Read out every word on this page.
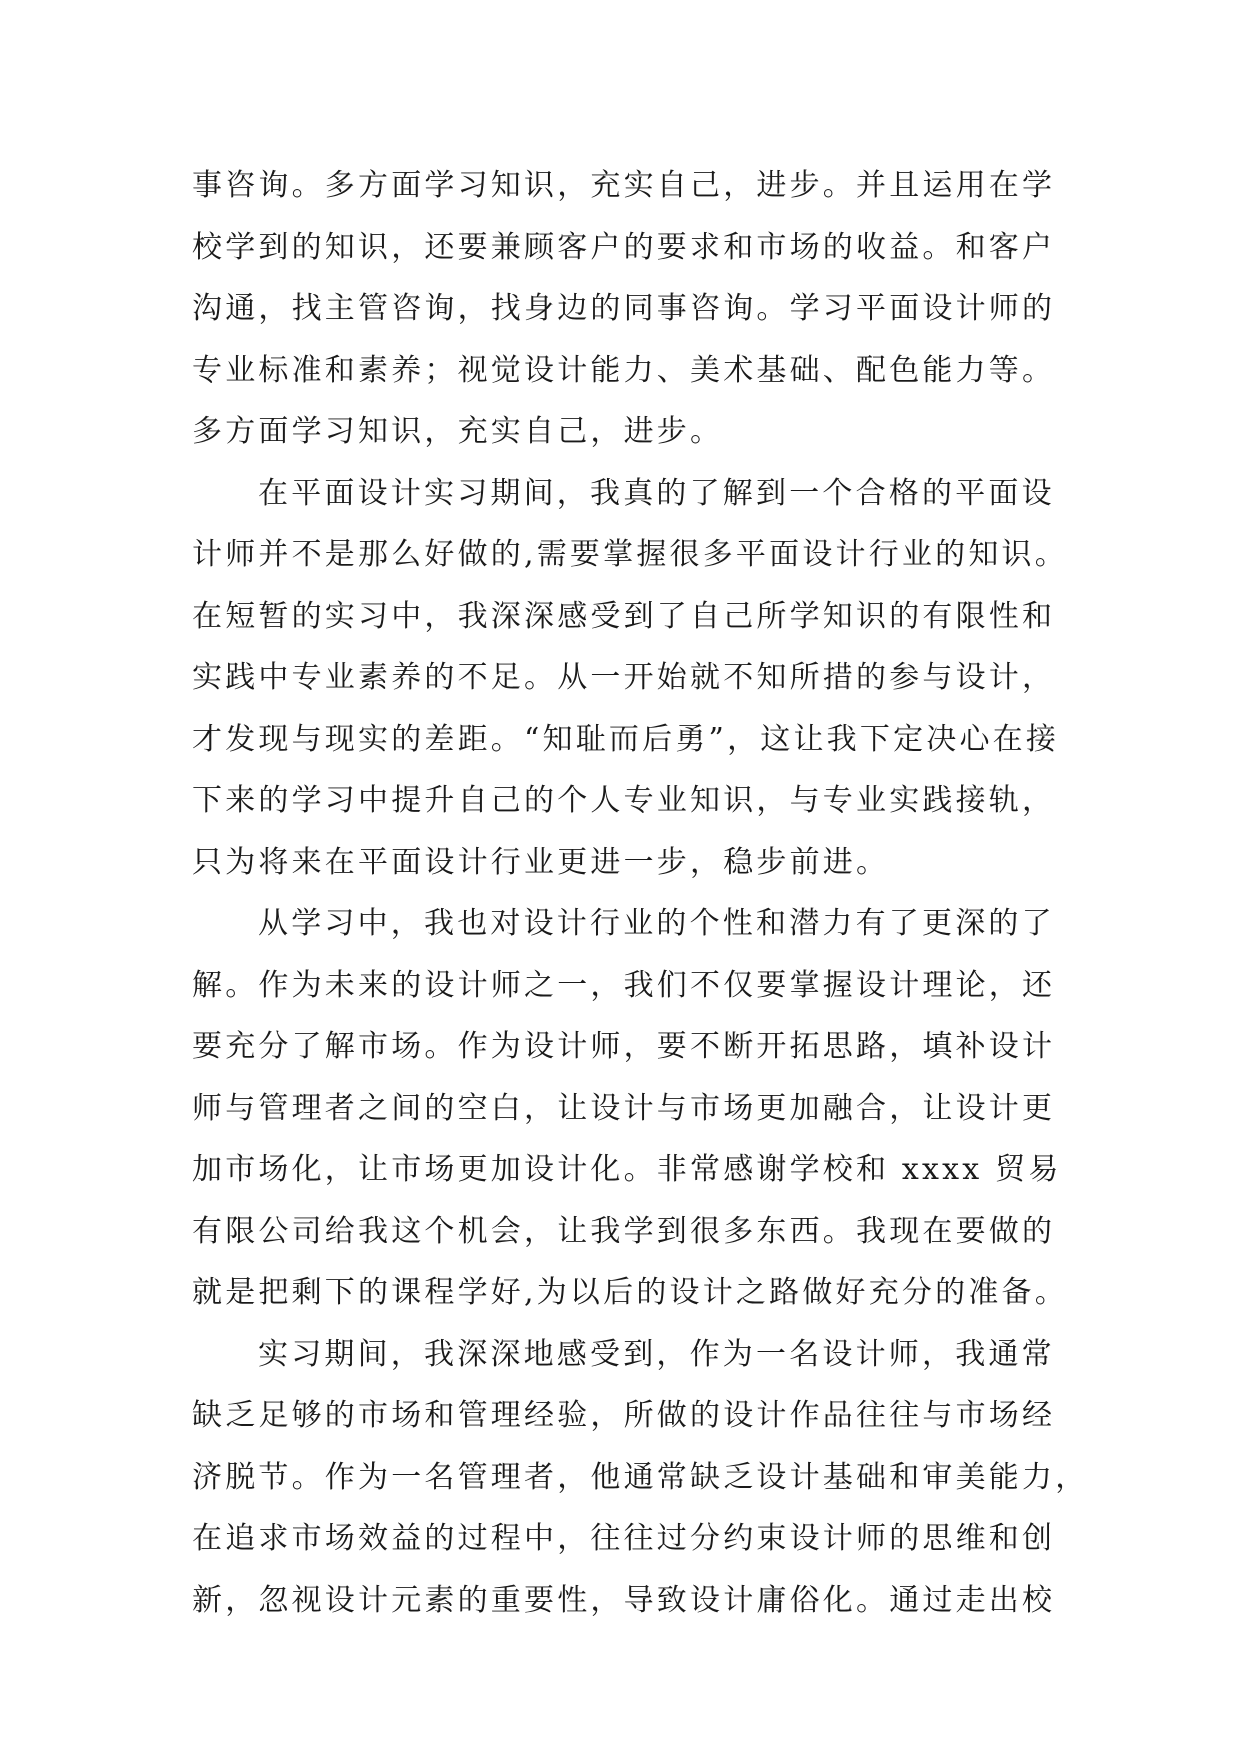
事咨询。多方面学习知识，充实自己，进步。并且运用在学
校学到的知识，还要兼顾客户的要求和市场的收益。和客户
沟通，找主管咨询，找身边的同事咨询。学习平面设计师的
专业标准和素养；视觉设计能力、美术基础、配色能力等。
多方面学习知识，充实自己，进步。
在平面设计实习期间，我真的了解到一个合格的平面设
计师并不是那么好做的,需要掌握很多平面设计行业的知识。
在短暂的实习中，我深深感受到了自己所学知识的有限性和
实践中专业素养的不足。从一开始就不知所措的参与设计，
才发现与现实的差距。“知耻而后勇”，这让我下定决心在接
下来的学习中提升自己的个人专业知识，与专业实践接轨，
只为将来在平面设计行业更进一步，稳步前进。
从学习中，我也对设计行业的个性和潜力有了更深的了
解。作为未来的设计师之一，我们不仅要掌握设计理论，还
要充分了解市场。作为设计师，要不断开拓思路，填补设计
师与管理者之间的空白，让设计与市场更加融合，让设计更
加市场化，让市场更加设计化。非常感谢学校和 xxxx 贸易
有限公司给我这个机会，让我学到很多东西。我现在要做的
就是把剩下的课程学好,为以后的设计之路做好充分的准备。
实习期间，我深深地感受到，作为一名设计师，我通常
缺乏足够的市场和管理经验，所做的设计作品往往与市场经
济脱节。作为一名管理者，他通常缺乏设计基础和审美能力，
在追求市场效益的过程中，往往过分约束设计师的思维和创
新，忽视设计元素的重要性，导致设计庸俗化。通过走出校
